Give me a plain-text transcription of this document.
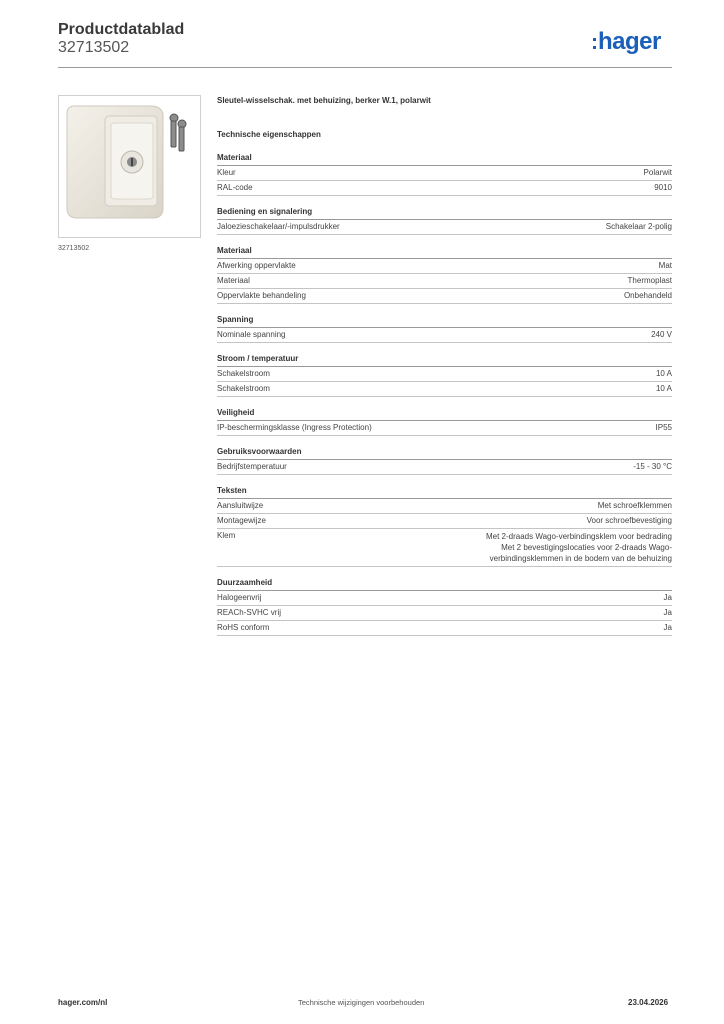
Productdatablad
32713502	hager
32713502
Sleutel-wisselschak. met behuizing, berker W.1, polarwit
Technische eigenschappen
Materiaal
Kleur	Polarwit
RAL-code	9010
Bediening en signalering
Jaloezieschakelaar/-impulsdrukker	Schakelaar 2-polig
Materiaal
Afwerking oppervlakte	Mat
Materiaal	Thermoplast
Oppervlakte behandeling	Onbehandeld
Spanning
Nominale spanning	240 V
Stroom / temperatuur
Schakelstroom	10 A
Schakelstroom	10 A
Veiligheid
IP-beschermingsklasse (Ingress Protection)	IP55
Gebruiksvoorwaarden
Bedrijfstemperatuur	-15 - 30 °C
Teksten
Aansluitwijze	Met schroefklemmen
Montagewijze	Voor schroefbevestiging
Klem	Met 2-draads Wago-verbindingsklem voor bedrading
Met 2 bevestigingslocaties voor 2-draads Wago-
verbindingsklemmen in de bodem van de behuizing
Duurzaamheid
Halogeenvrij	Ja
REACh-SVHC vrij	Ja
RoHS conform	Ja
hager.com/nl	Technische wijzigingen voorbehouden	23.04.2026
